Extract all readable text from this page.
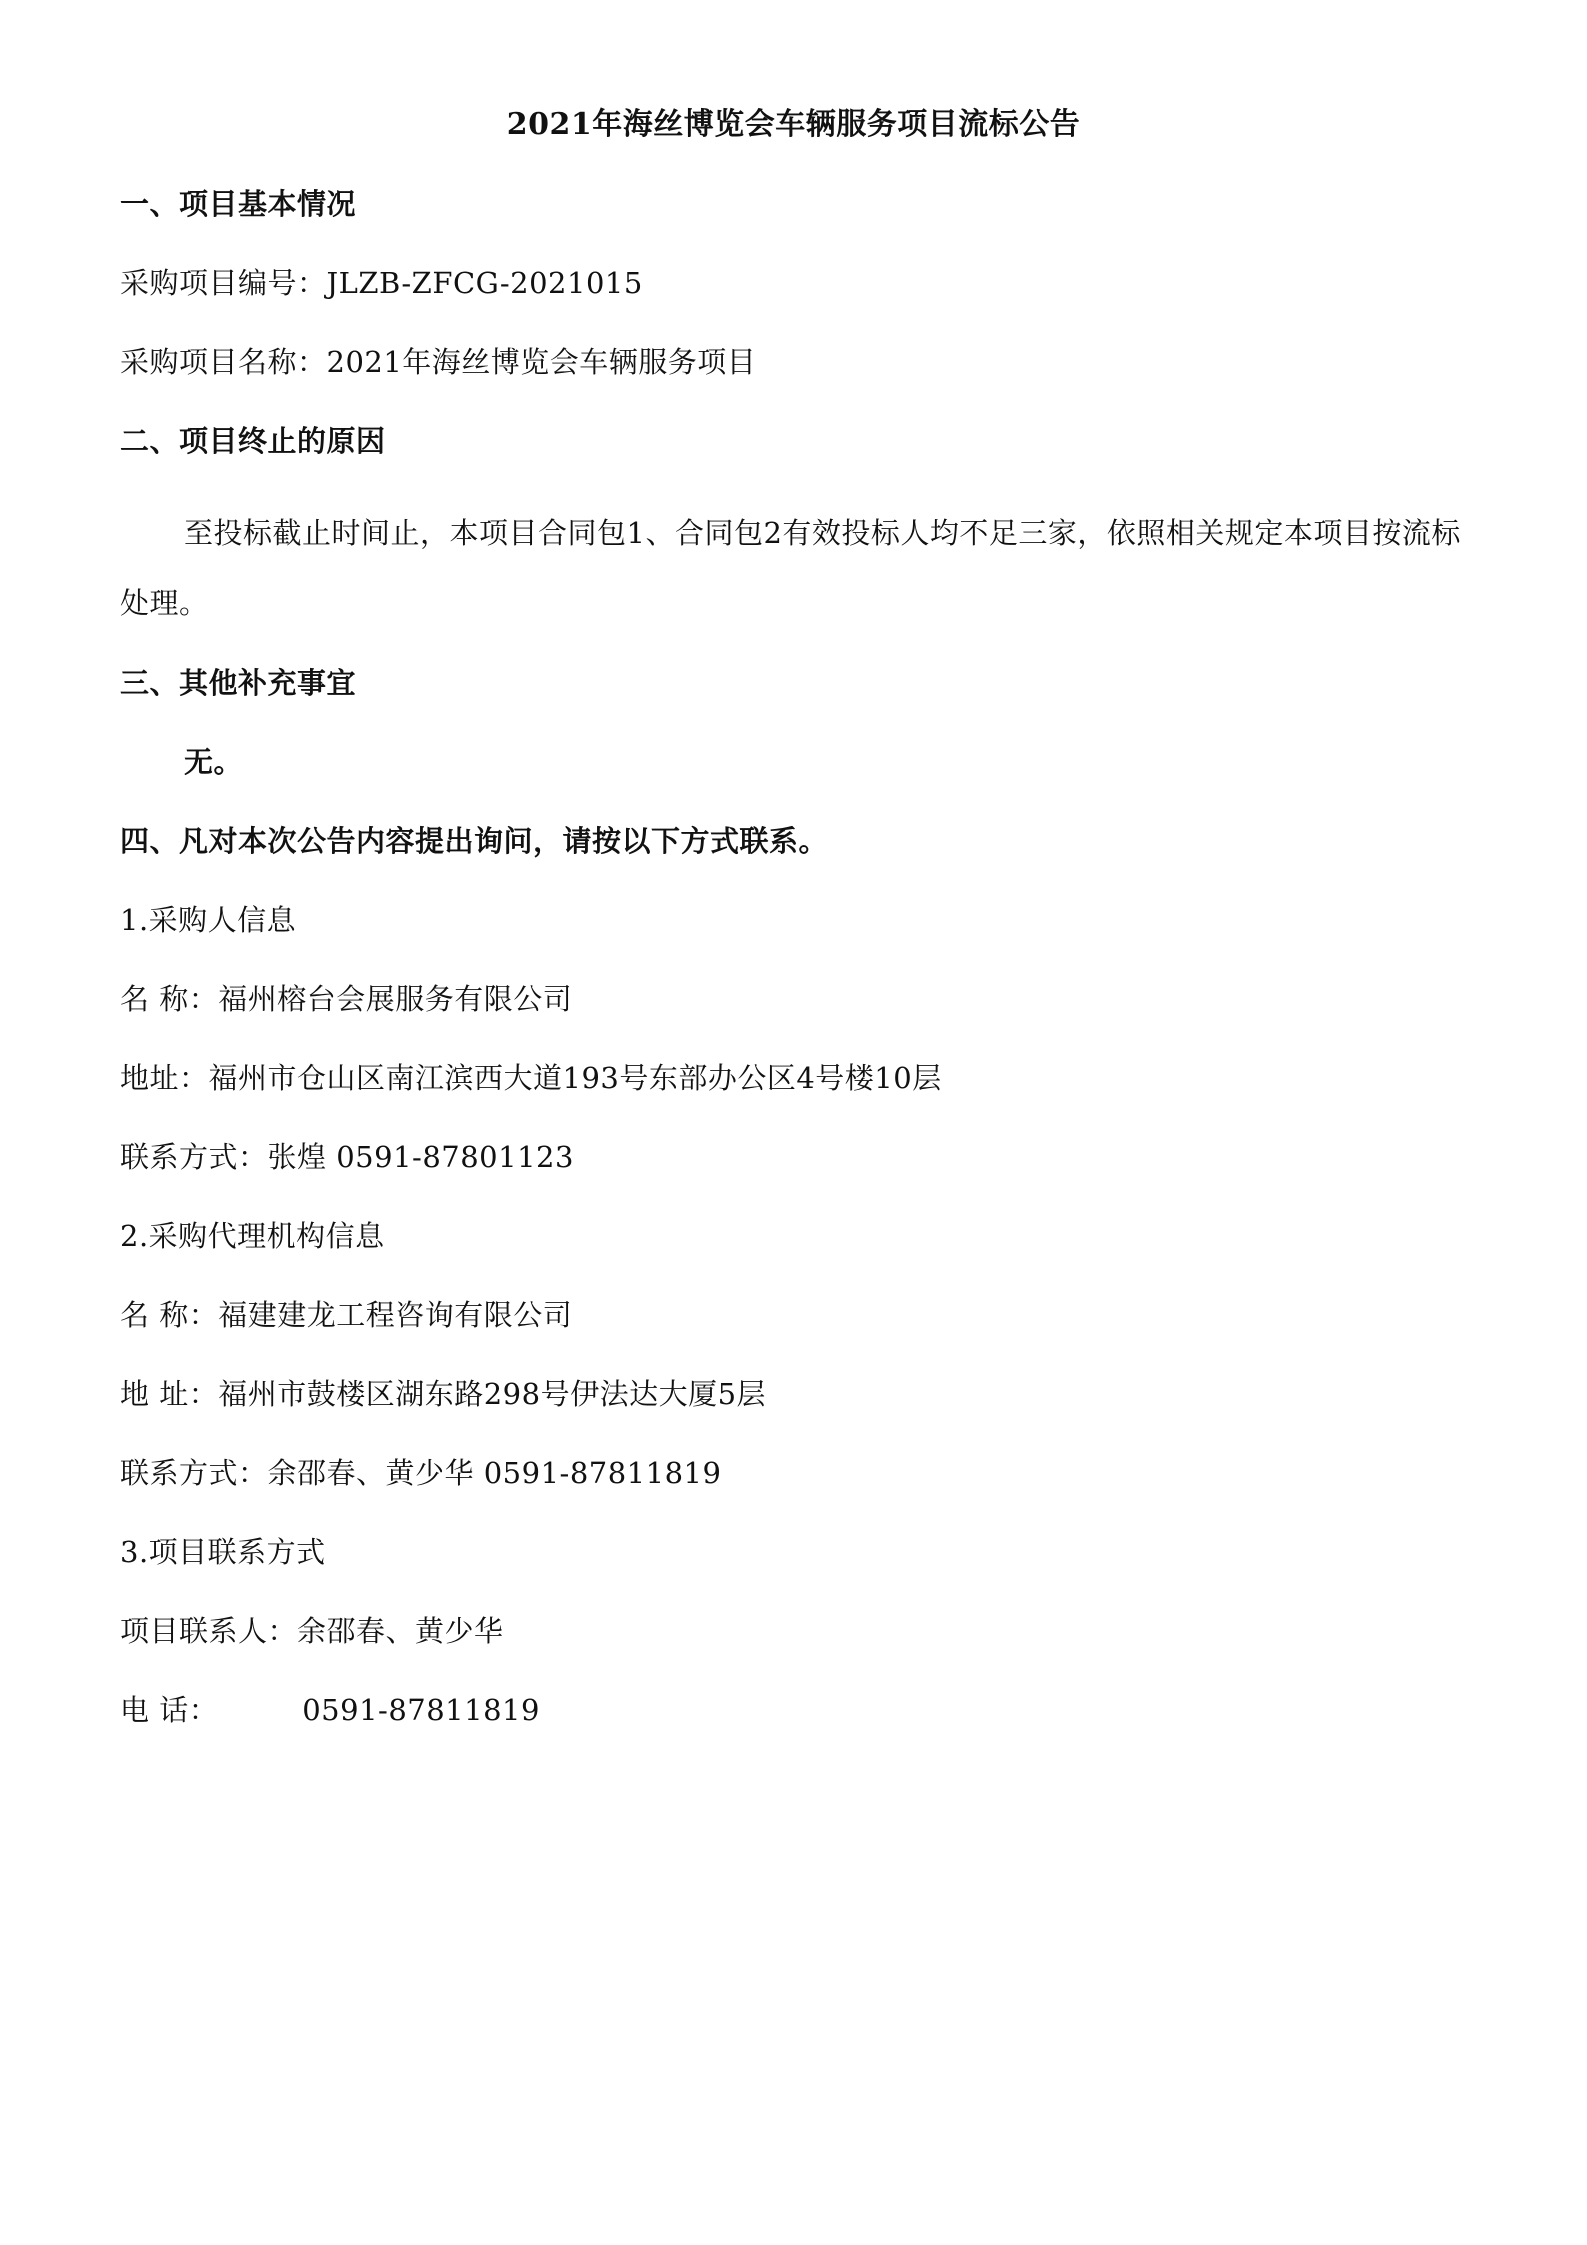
2021年海丝博览会车辆服务项目流标公告
一、项目基本情况
采购项目编号：JLZB-ZFCG-2021015
采购项目名称：2021年海丝博览会车辆服务项目
二、项目终止的原因
至投标截止时间止，本项目合同包1、合同包2有效投标人均不足三家，依照相关规定本项目按流标处理。
三、其他补充事宜
无。
四、凡对本次公告内容提出询问，请按以下方式联系。
1.采购人信息
名 称：福州榕台会展服务有限公司
地址：福州市仓山区南江滨西大道193号东部办公区4号楼10层
联系方式：张煌 0591-87801123
2.采购代理机构信息
名 称：福建建龙工程咨询有限公司
地 址：福州市鼓楼区湖东路298号伊法达大厦5层
联系方式：余邵春、黄少华 0591-87811819
3.项目联系方式
项目联系人：余邵春、黄少华
电 话：	0591-87811819
